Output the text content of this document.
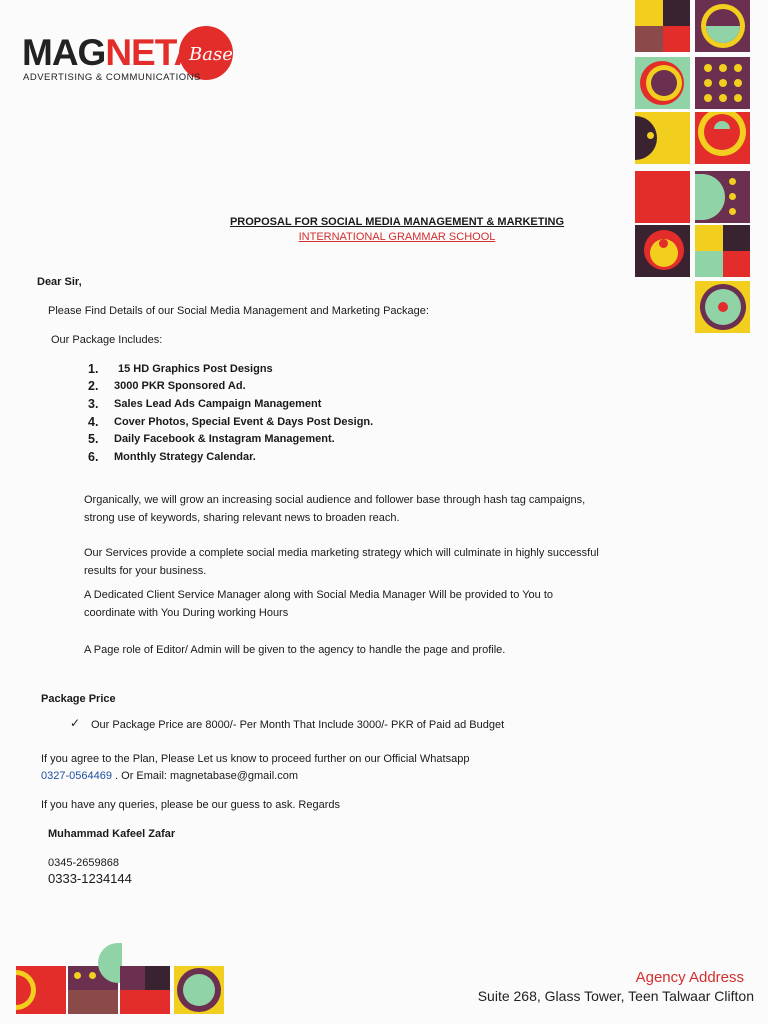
MAGNETA
Base
ADVERTISING & COMMUNICATIONS
PROPOSAL FOR SOCIAL MEDIA MANAGEMENT & MARKETING
INTERNATIONAL GRAMMAR SCHOOL
Dear Sir,
Please Find Details of our Social Media Management and Marketing Package:
Our Package Includes:
1.	15 HD Graphics Post Designs
2.	3000 PKR Sponsored Ad.
3.	Sales Lead Ads Campaign Management
4.	Cover Photos, Special Event & Days Post Design.
5.	Daily Facebook & Instagram Management.
6.	Monthly Strategy Calendar.
Organically, we will grow an increasing social audience and follower base through hash tag campaigns, strong use of keywords, sharing relevant news to broaden reach.
Our Services provide a complete social media marketing strategy which will culminate in highly successful results for your business.
A Dedicated Client Service Manager along with Social Media Manager Will be provided to You to coordinate with You During working Hours
A Page role of Editor/ Admin will be given to the agency to handle the page and profile.
Package Price
✓ Our Package Price are 8000/- Per Month That Include 3000/- PKR of Paid ad Budget
If you agree to the Plan, Please Let us know to proceed further on our Official Whatsapp
0327-0564469 . Or Email: magnetabase@gmail.com
If you have any queries, please be our guess to ask. Regards
Muhammad Kafeel Zafar
0345-2659868
0333-1234144
Agency Address
Suite 268, Glass Tower, Teen Talwaar Clifton
